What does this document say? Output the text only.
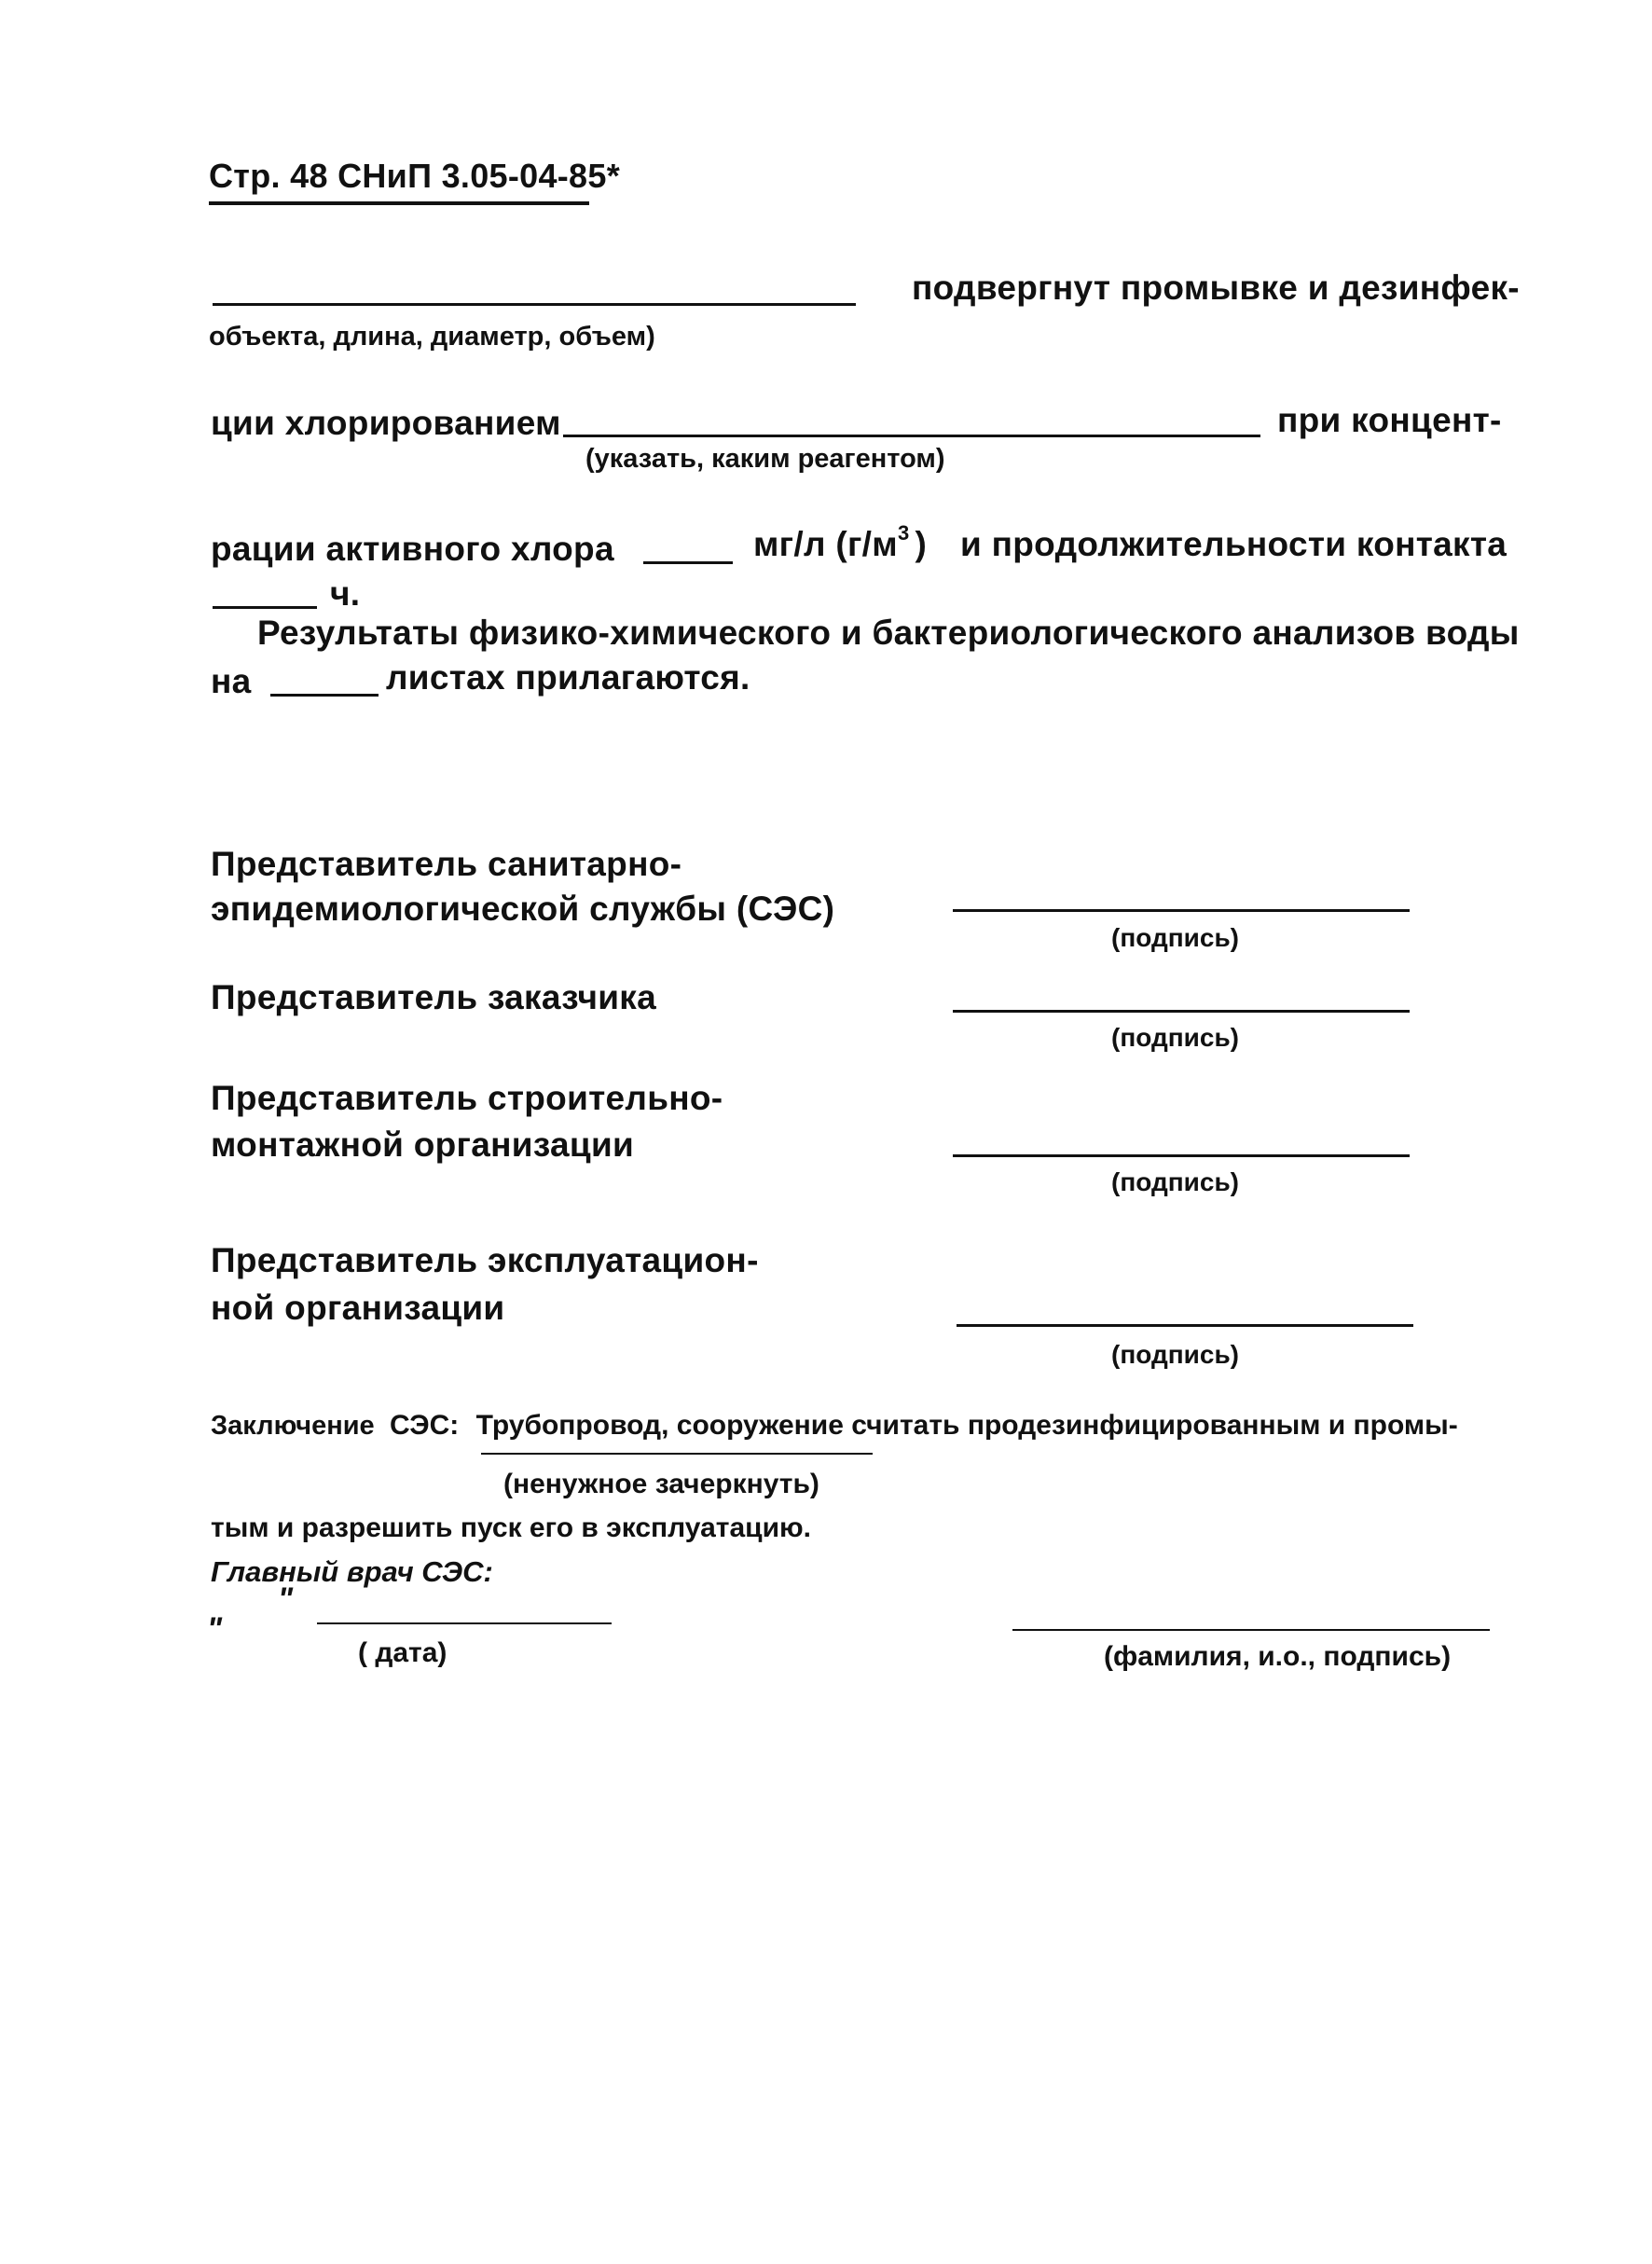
Стр. 48 СНиП 3.05-04-85*
подвергнут промывке и дезинфек-
объекта, длина, диаметр, объем)
ции хлорированием	при концент-
(указать, каким реагентом)
рации активного хлора	мг/л ($г/м^3$ ) и продолжительности контакта
ч.
Результаты физико-химического и бактериологического анализов воды
на	листах прилагаются.
Представитель санитарно-
эпидемиологической службы (СЭС)
(подпись)
Представитель заказчика
(подпись)
Представитель строительно-
монтажной организации
(подпись)
Представитель эксплуатацион-
ной организации
(подпись)
Заключение СЭС: Трубопровод, сооружение считать продезинфицированным и промы-
(ненужное зачеркнуть)
тым и разрешить пуск его в эксплуатацию.
Главный врач СЭС:
"
"
( дата)	(фамилия, и.о., подпись)
